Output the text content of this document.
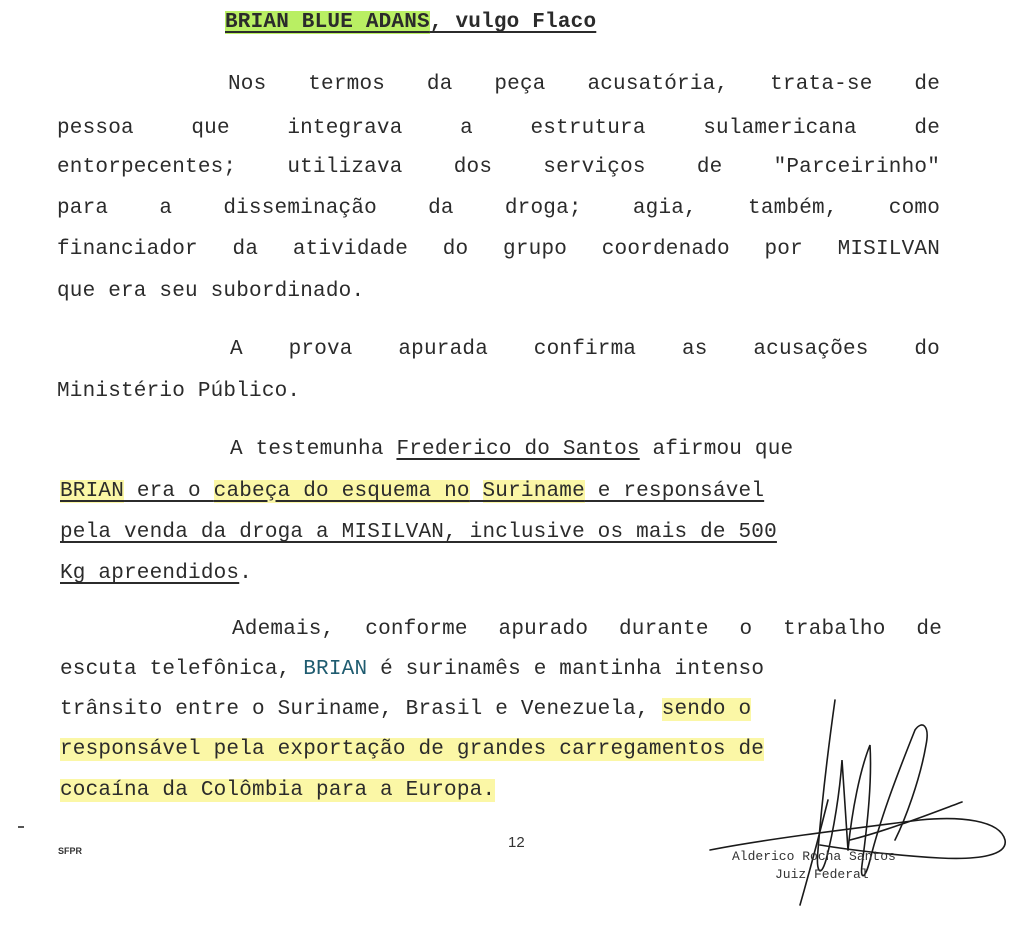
BRIAN BLUE ADANS, vulgo Flaco

Nos termos da peça acusatória, trata-se de

pessoa que integrava a estrutura sulamericana de

entorpecentes; utilizava dos serviços de "Parceirinho"

para a disseminação da droga; agia, também, como

financiador da atividade do grupo coordenado por MISILVAN

que era seu subordinado.

A prova apurada confirma as acusações do

Ministério Público.

A testemunha Frederico do Santos afirmou que

BRIAN era o cabeça do esquema no Suriname e responsável

pela venda da droga a MISILVAN, inclusive os mais de 500

Kg apreendidos.

Ademais, conforme apurado durante o trabalho de

escuta telefônica, BRIAN é surinamês e mantinha intenso

trânsito entre o Suriname, Brasil e Venezuela, sendo o

responsável pela exportação de grandes carregamentos de

cocaína da Colômbia para a Europa.

SFPR	12
Alderico Rocha Santos
Juiz Federal
